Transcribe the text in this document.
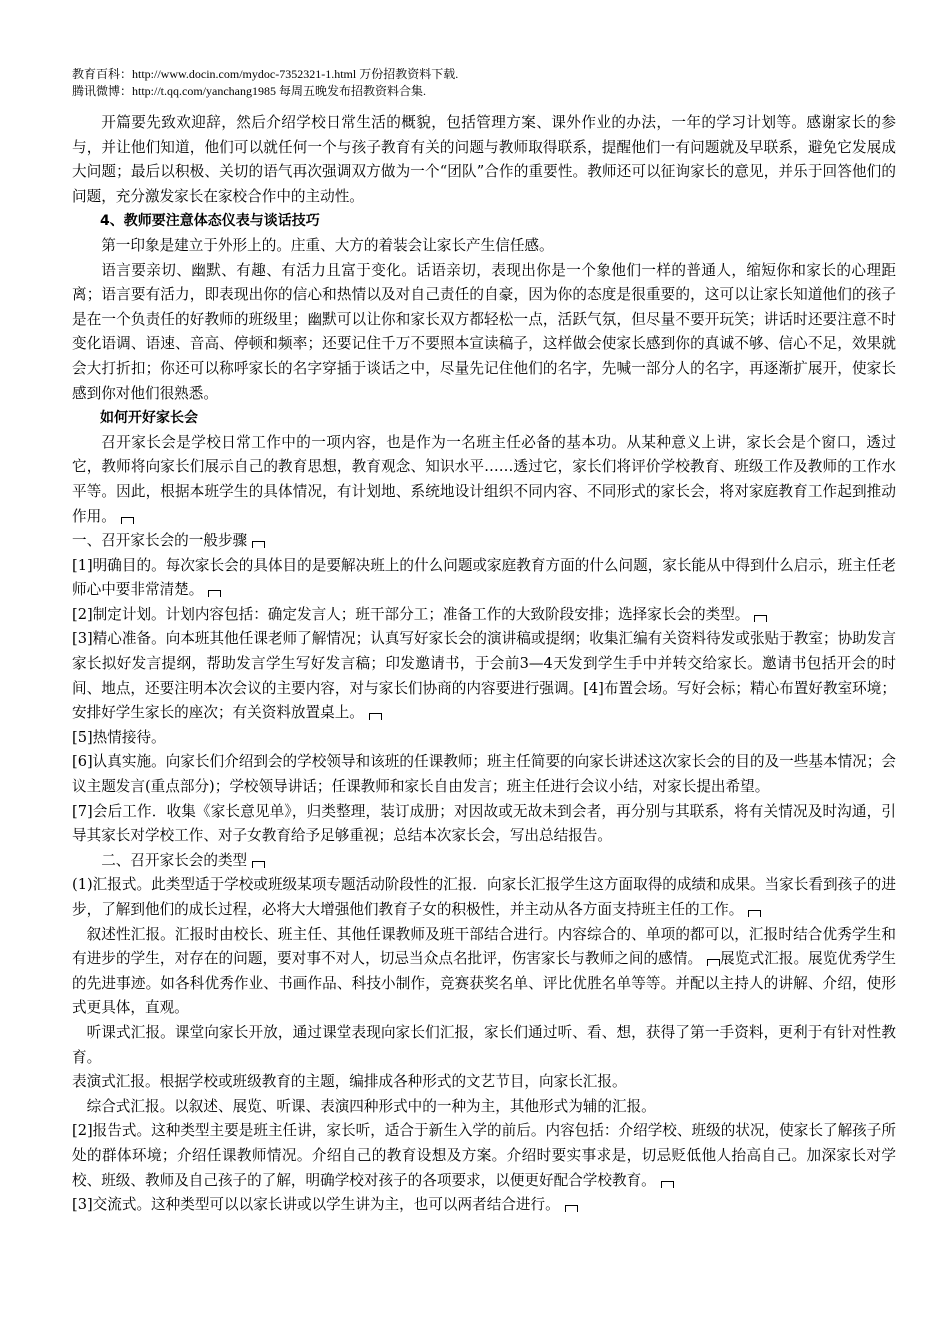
教育百科：http://www.docin.com/mydoc-7352321-1.html 万份招教资料下载.
腾讯微博：http://t.qq.com/yanchang1985 每周五晚发布招教资料合集.

开篇要先致欢迎辞，然后介绍学校日常生活的概貌，包括管理方案、课外作业的办法，一年的学习计划等。感谢家长的参与，并让他们知道，他们可以就任何一个与孩子教育有关的问题与教师取得联系，提醒他们一有问题就及早联系，避免它发展成大问题；最后以积极、关切的语气再次强调双方做为一个“团队”合作的重要性。教师还可以征询家长的意见，并乐于回答他们的问题，充分激发家长在家校合作中的主动性。

4、教师要注意体态仪表与谈话技巧

第一印象是建立于外形上的。庄重、大方的着装会让家长产生信任感。

语言要亲切、幽默、有趣、有活力且富于变化。话语亲切，表现出你是一个象他们一样的普通人，缩短你和家长的心理距离；语言要有活力，即表现出你的信心和热情以及对自己责任的自豪，因为你的态度是很重要的，这可以让家长知道他们的孩子是在一个负责任的好教师的班级里；幽默可以让你和家长双方都轻松一点，活跃气氛，但尽量不要开玩笑；讲话时还要注意不时变化语调、语速、音高、停顿和频率；还要记住千万不要照本宣读稿子，这样做会使家长感到你的真诚不够、信心不足，效果就会大打折扣；你还可以称呼家长的名字穿插于谈话之中，尽量先记住他们的名字，先喊一部分人的名字，再逐渐扩展开，使家长感到你对他们很熟悉。

如何开好家长会

召开家长会是学校日常工作中的一项内容，也是作为一名班主任必备的基本功。从某种意义上讲，家长会是个窗口，透过它，教师将向家长们展示自己的教育思想，教育观念、知识水平……透过它，家长们将评价学校教育、班级工作及教师的工作水平等。因此，根据本班学生的具体情况，有计划地、系统地设计组织不同内容、不同形式的家长会，将对家庭教育工作起到推动作用。

一、召开家长会的一般步骤

[1]明确目的。每次家长会的具体目的是要解决班上的什么问题或家庭教育方面的什么问题，家长能从中得到什么启示，班主任老师心中要非常清楚。

[2]制定计划。计划内容包括：确定发言人；班干部分工；准备工作的大致阶段安排；选择家长会的类型。

[3]精心准备。向本班其他任课老师了解情况；认真写好家长会的演讲稿或提纲；收集汇编有关资料待发或张贴于教室；协助发言家长拟好发言提纲，帮助发言学生写好发言稿；印发邀请书，于会前3—4天发到学生手中并转交给家长。邀请书包括开会的时间、地点，还要注明本次会议的主要内容，对与家长们协商的内容要进行强调。[4]布置会场。写好会标；精心布置好教室环境；安排好学生家长的座次；有关资料放置桌上。

[5]热情接待。

[6]认真实施。向家长们介绍到会的学校领导和该班的任课教师；班主任简要的向家长讲述这次家长会的目的及一些基本情况；会议主题发言(重点部分)；学校领导讲话；任课教师和家长自由发言；班主任进行会议小结，对家长提出希望。

[7]会后工作．收集《家长意见单》，归类整理，装订成册；对因故或无故未到会者，再分别与其联系，将有关情况及时沟通，引导其家长对学校工作、对子女教育给予足够重视；总结本次家长会，写出总结报告。

二、召开家长会的类型

(1)汇报式。此类型适于学校或班级某项专题活动阶段性的汇报．向家长汇报学生这方面取得的成绩和成果。当家长看到孩子的进步，了解到他们的成长过程，必将大大增强他们教育子女的积极性，并主动从各方面支持班主任的工作。

叙述性汇报。汇报时由校长、班主任、其他任课教师及班干部结合进行。内容综合的、单项的都可以，汇报时结合优秀学生和有进步的学生，对存在的问题，要对事不对人，切忌当众点名批评，伤害家长与教师之间的感情。 展览式汇报。展览优秀学生的先进事迹。如各科优秀作业、书画作品、科技小制作，竞赛获奖名单、评比优胜名单等等。并配以主持人的讲解、介绍，使形式更具体，直观。

听课式汇报。课堂向家长开放，通过课堂表现向家长们汇报，家长们通过听、看、想，获得了第一手资料，更利于有针对性教育。

表演式汇报。根据学校或班级教育的主题，编排成各种形式的文艺节目，向家长汇报。

综合式汇报。以叙述、展览、听课、表演四种形式中的一种为主，其他形式为辅的汇报。

[2]报告式。这种类型主要是班主任讲，家长听，适合于新生入学的前后。内容包括：介绍学校、班级的状况，使家长了解孩子所处的群体环境；介绍任课教师情况。介绍自己的教育设想及方案。介绍时要实事求是，切忌贬低他人抬高自己。加深家长对学校、班级、教师及自己孩子的了解，明确学校对孩子的各项要求，以便更好配合学校教育。

[3]交流式。这种类型可以以家长讲或以学生讲为主，也可以两者结合进行。
